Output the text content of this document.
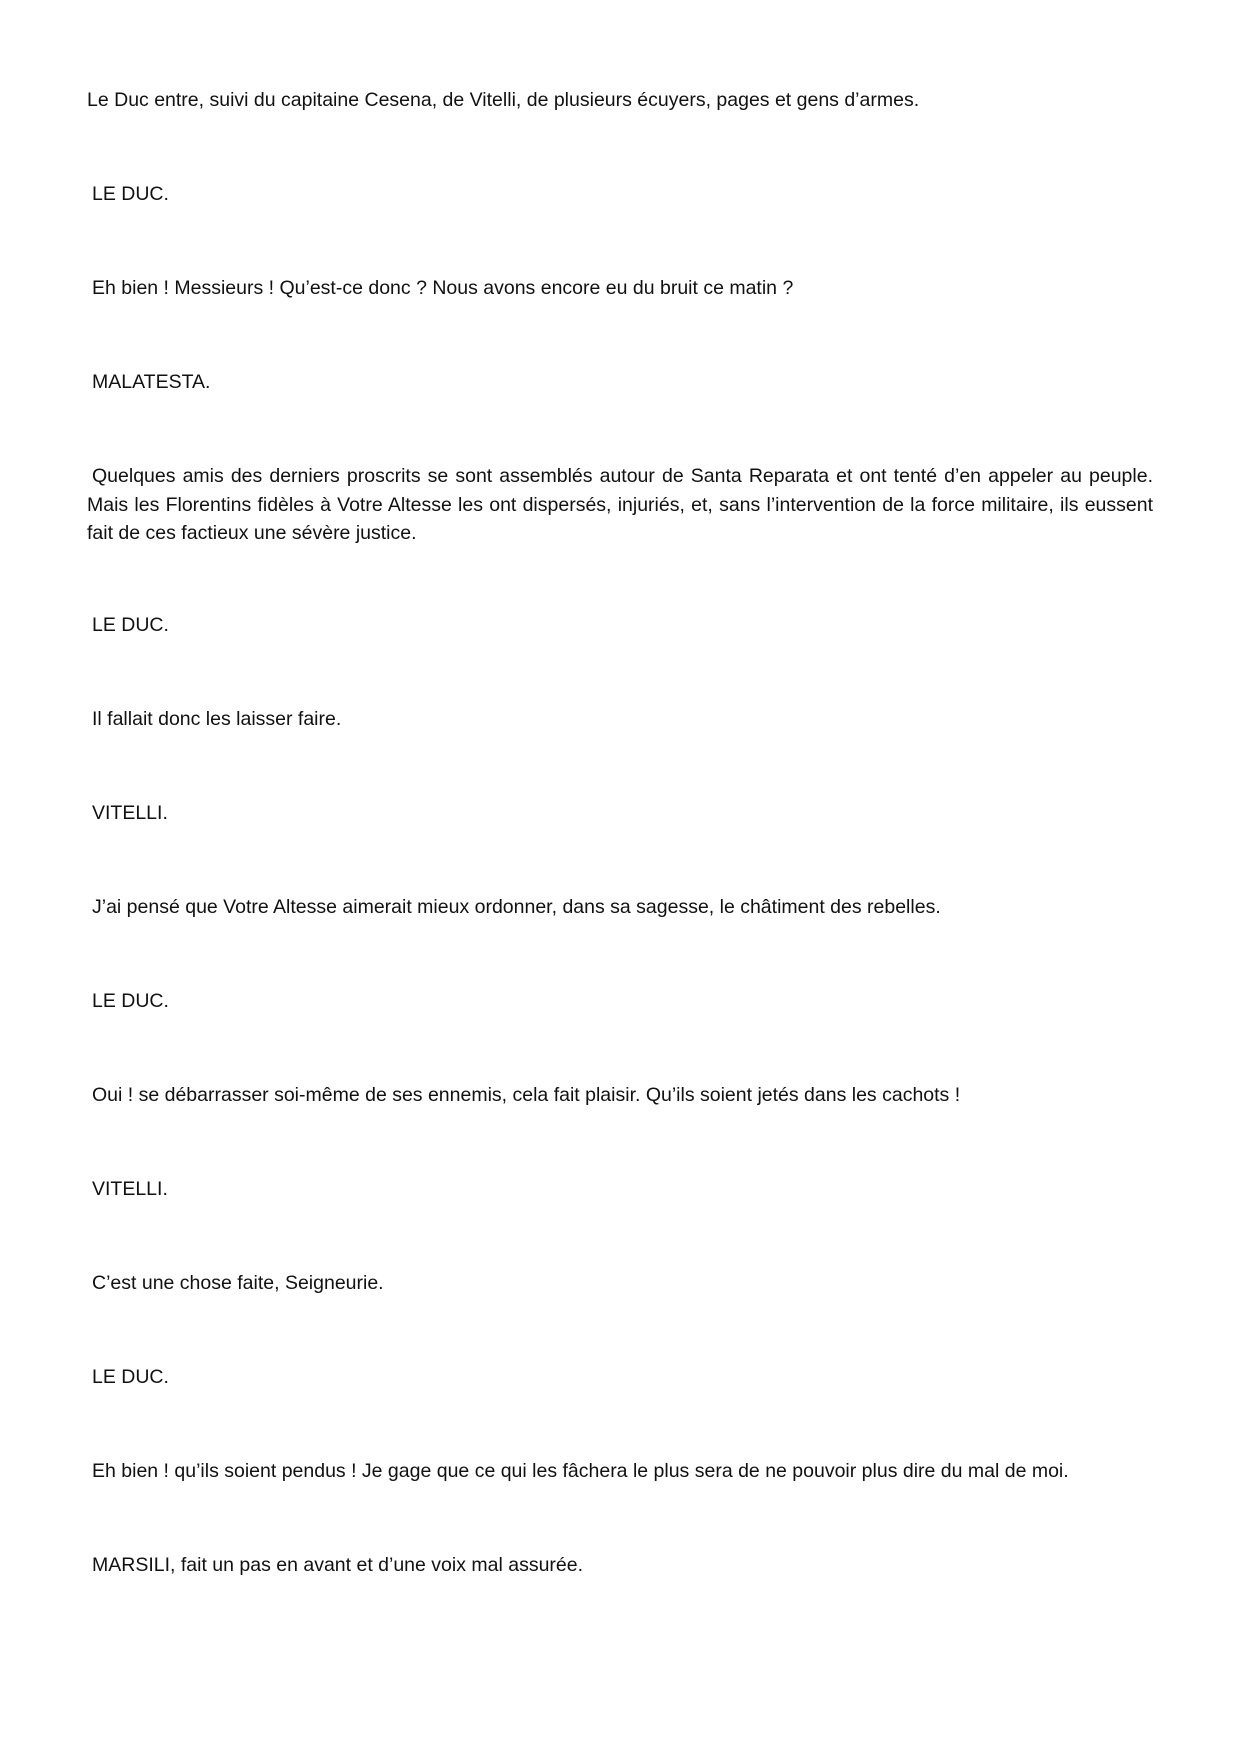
Le Duc entre, suivi du capitaine Cesena, de Vitelli, de plusieurs écuyers, pages et gens d’armes.

LE DUC.

Eh bien ! Messieurs ! Qu’est-ce donc ? Nous avons encore eu du bruit ce matin ?

MALATESTA.

Quelques amis des derniers proscrits se sont assemblés autour de Santa Reparata et ont tenté d’en appeler au peuple. Mais les Florentins fidèles à Votre Altesse les ont dispersés, injuriés, et, sans l’intervention de la force militaire, ils eussent fait de ces factieux une sévère justice.

LE DUC.

Il fallait donc les laisser faire.

VITELLI.

J’ai pensé que Votre Altesse aimerait mieux ordonner, dans sa sagesse, le châtiment des rebelles.

LE DUC.

Oui ! se débarrasser soi-même de ses ennemis, cela fait plaisir. Qu’ils soient jetés dans les cachots !

VITELLI.

C’est une chose faite, Seigneurie.

LE DUC.

Eh bien ! qu’ils soient pendus ! Je gage que ce qui les fâchera le plus sera de ne pouvoir plus dire du mal de moi.

MARSILI, fait un pas en avant et d’une voix mal assurée.
